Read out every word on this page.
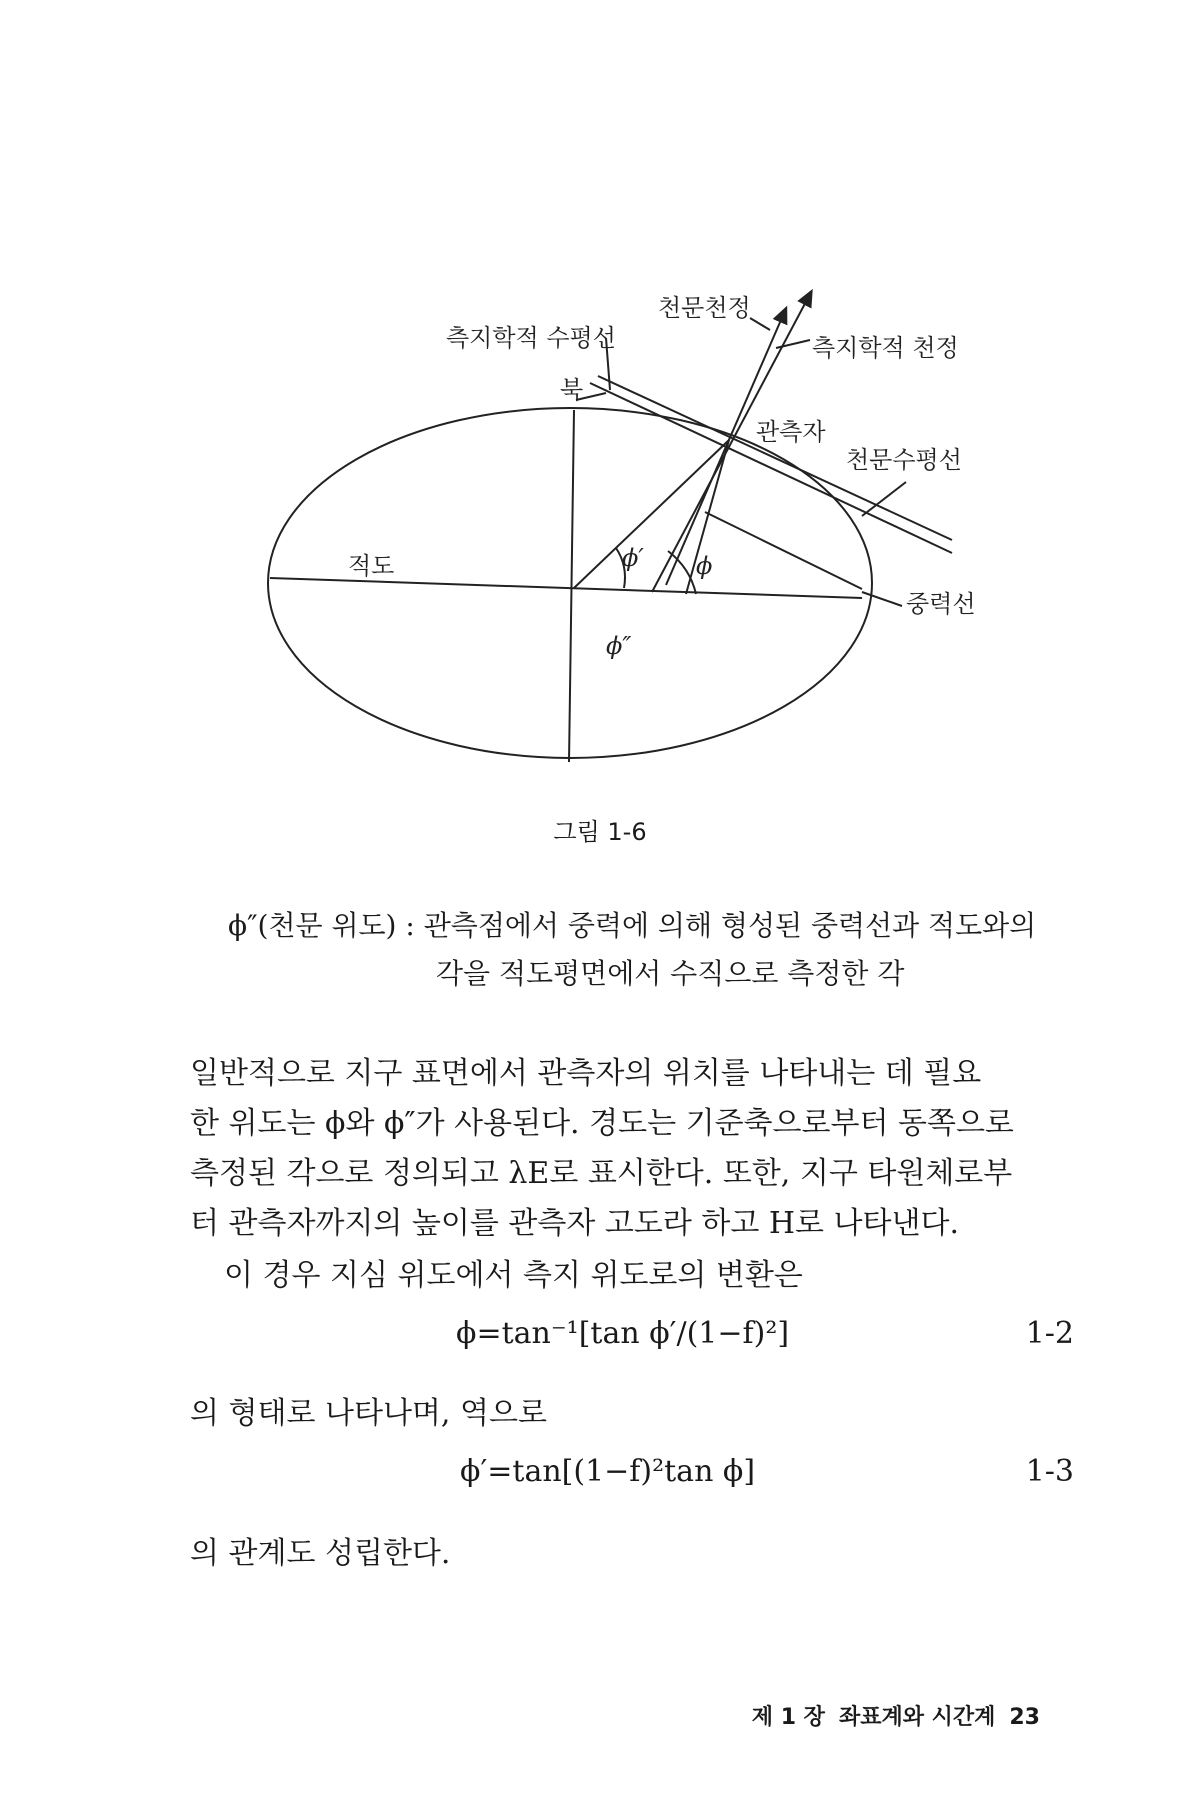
측지학적 수평선
천문천정
측지학적 천정
북
관측자
천문수평선
적도
중력선
ϕ′ ϕ
ϕ″
그림 1-6
ϕ″(천문 위도) : 관측점에서 중력에 의해 형성된 중력선과 적도와의
각을 적도평면에서 수직으로 측정한 각
일반적으로 지구 표면에서 관측자의 위치를 나타내는 데 필요
한 위도는 ϕ와 ϕ″가 사용된다. 경도는 기준축으로부터 동쪽으로
측정된 각으로 정의되고 λE로 표시한다. 또한, 지구 타원체로부
터 관측자까지의 높이를 관측자 고도라 하고 H로 나타낸다.
이 경우 지심 위도에서 측지 위도로의 변환은
ϕ=tan⁻¹[tan ϕ′/(1−f)²]	1-2
의 형태로 나타나며, 역으로
ϕ′=tan[(1−f)²tan ϕ]	1-3
의 관계도 성립한다.
제 1 장 좌표계와 시간계 23
